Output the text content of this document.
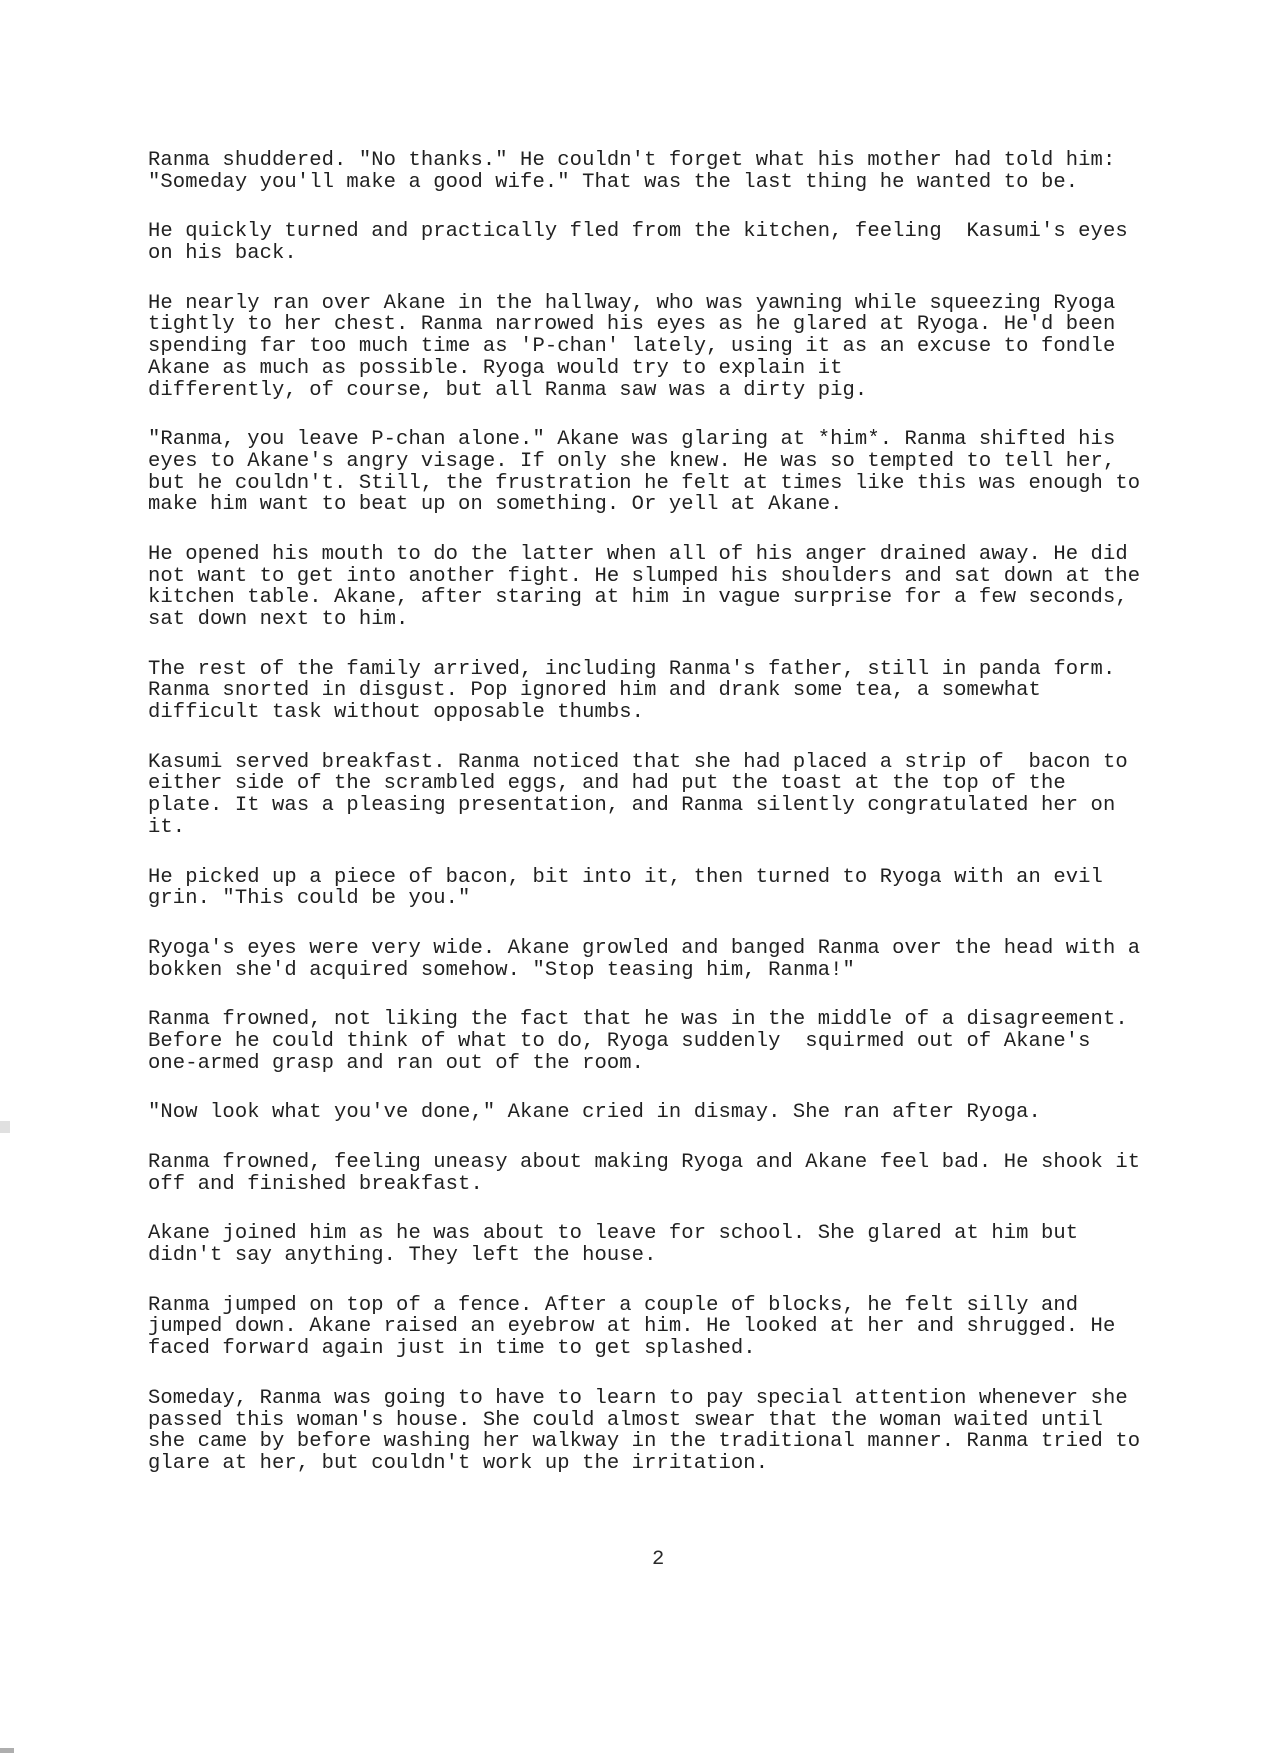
Ranma shuddered. "No thanks." He couldn't forget what his mother had told him:
"Someday you'll make a good wife." That was the last thing he wanted to be.
He quickly turned and practically fled from the kitchen, feeling  Kasumi's eyes
on his back.
He nearly ran over Akane in the hallway, who was yawning while squeezing Ryoga
tightly to her chest. Ranma narrowed his eyes as he glared at Ryoga. He'd been
spending far too much time as 'P-chan' lately, using it as an excuse to fondle
Akane as much as possible. Ryoga would try to explain it
differently, of course, but all Ranma saw was a dirty pig.
"Ranma, you leave P-chan alone." Akane was glaring at *him*. Ranma shifted his
eyes to Akane's angry visage. If only she knew. He was so tempted to tell her,
but he couldn't. Still, the frustration he felt at times like this was enough to
make him want to beat up on something. Or yell at Akane.
He opened his mouth to do the latter when all of his anger drained away. He did
not want to get into another fight. He slumped his shoulders and sat down at the
kitchen table. Akane, after staring at him in vague surprise for a few seconds,
sat down next to him.
The rest of the family arrived, including Ranma's father, still in panda form.
Ranma snorted in disgust. Pop ignored him and drank some tea, a somewhat
difficult task without opposable thumbs.
Kasumi served breakfast. Ranma noticed that she had placed a strip of  bacon to
either side of the scrambled eggs, and had put the toast at the top of the
plate. It was a pleasing presentation, and Ranma silently congratulated her on
it.
He picked up a piece of bacon, bit into it, then turned to Ryoga with an evil
grin. "This could be you."
Ryoga's eyes were very wide. Akane growled and banged Ranma over the head with a
bokken she'd acquired somehow. "Stop teasing him, Ranma!"
Ranma frowned, not liking the fact that he was in the middle of a disagreement.
Before he could think of what to do, Ryoga suddenly  squirmed out of Akane's
one-armed grasp and ran out of the room.
"Now look what you've done," Akane cried in dismay. She ran after Ryoga.
Ranma frowned, feeling uneasy about making Ryoga and Akane feel bad. He shook it
off and finished breakfast.
Akane joined him as he was about to leave for school. She glared at him but
didn't say anything. They left the house.
Ranma jumped on top of a fence. After a couple of blocks, he felt silly and
jumped down. Akane raised an eyebrow at him. He looked at her and shrugged. He
faced forward again just in time to get splashed.
Someday, Ranma was going to have to learn to pay special attention whenever she
passed this woman's house. She could almost swear that the woman waited until
she came by before washing her walkway in the traditional manner. Ranma tried to
glare at her, but couldn't work up the irritation.
2
